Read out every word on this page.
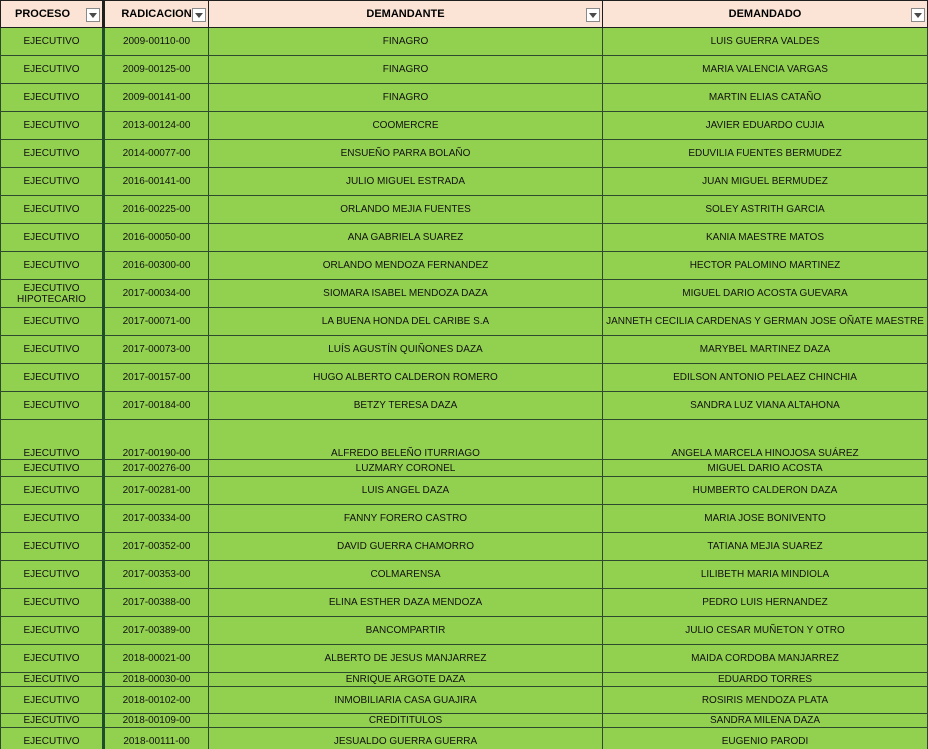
PROCESO	RADICACION	DEMANDANTE	DEMANDADO

EJECUTIVO	2009-00110-00	FINAGRO	LUIS GUERRA VALDES
EJECUTIVO	2009-00125-00	FINAGRO	MARIA VALENCIA VARGAS
EJECUTIVO	2009-00141-00	FINAGRO	MARTIN ELIAS CATAÑO
EJECUTIVO	2013-00124-00	COOMERCRE	JAVIER EDUARDO CUJIA
EJECUTIVO	2014-00077-00	ENSUEÑO PARRA BOLAÑO	EDUVILIA FUENTES BERMUDEZ
EJECUTIVO	2016-00141-00	JULIO MIGUEL ESTRADA	JUAN MIGUEL BERMUDEZ
EJECUTIVO	2016-00225-00	ORLANDO MEJIA FUENTES	SOLEY ASTRITH GARCIA
EJECUTIVO	2016-00050-00	ANA GABRIELA SUAREZ	KANIA MAESTRE MATOS
EJECUTIVO	2016-00300-00	ORLANDO MENDOZA FERNANDEZ	HECTOR PALOMINO MARTINEZ
EJECUTIVO HIPOTECARIO	2017-00034-00	SIOMARA ISABEL MENDOZA DAZA	MIGUEL DARIO ACOSTA GUEVARA
EJECUTIVO	2017-00071-00	LA BUENA HONDA DEL CARIBE S.A	JANNETH CECILIA CARDENAS Y GERMAN JOSE OÑATE MAESTRE
EJECUTIVO	2017-00073-00	LUÍS AGUSTÍN QUIÑONES DAZA	MARYBEL MARTINEZ DAZA
EJECUTIVO	2017-00157-00	HUGO ALBERTO CALDERON ROMERO	EDILSON ANTONIO PELAEZ CHINCHIA
EJECUTIVO	2017-00184-00	BETZY TERESA DAZA	SANDRA LUZ VIANA ALTAHONA
EJECUTIVO	2017-00190-00	ALFREDO BELEÑO ITURRIAGO	ANGELA MARCELA HINOJOSA SUÁREZ
EJECUTIVO	2017-00276-00	LUZMARY CORONEL	MIGUEL DARIO ACOSTA
EJECUTIVO	2017-00281-00	LUIS ANGEL DAZA	HUMBERTO CALDERON DAZA
EJECUTIVO	2017-00334-00	FANNY FORERO CASTRO	MARIA JOSE BONIVENTO
EJECUTIVO	2017-00352-00	DAVID GUERRA CHAMORRO	TATIANA MEJIA SUAREZ
EJECUTIVO	2017-00353-00	COLMARENSA	LILIBETH MARIA MINDIOLA
EJECUTIVO	2017-00388-00	ELINA ESTHER DAZA MENDOZA	PEDRO LUIS HERNANDEZ
EJECUTIVO	2017-00389-00	BANCOMPARTIR	JULIO CESAR MUÑETON Y OTRO
EJECUTIVO	2018-00021-00	ALBERTO DE JESUS MANJARREZ	MAIDA CORDOBA MANJARREZ
EJECUTIVO	2018-00030-00	ENRIQUE ARGOTE DAZA	EDUARDO TORRES
EJECUTIVO	2018-00102-00	INMOBILIARIA CASA GUAJIRA	ROSIRIS MENDOZA PLATA
EJECUTIVO	2018-00109-00	CREDITITULOS	SANDRA MILENA DAZA
EJECUTIVO	2018-00111-00	JESUALDO GUERRA GUERRA	EUGENIO PARODI
